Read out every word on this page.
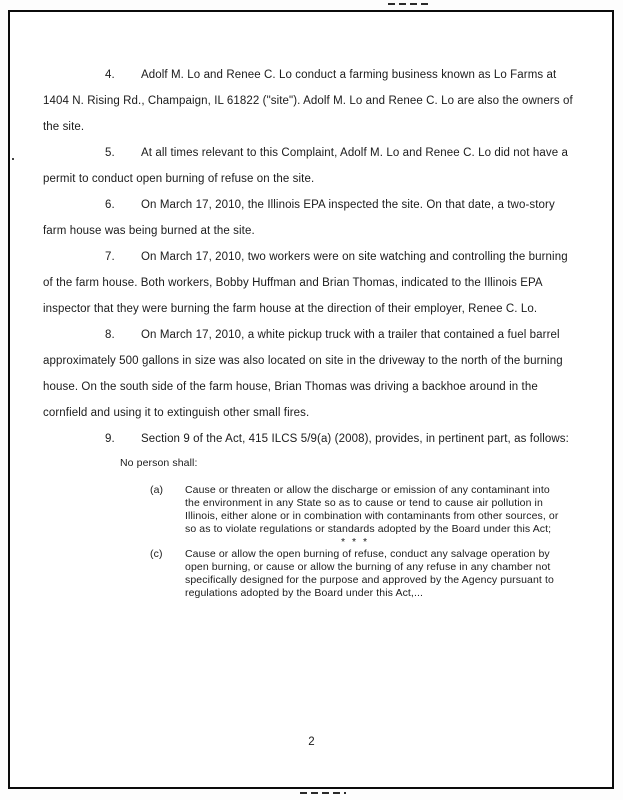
4. Adolf M. Lo and Renee C. Lo conduct a farming business known as Lo Farms at 1404 N. Rising Rd., Champaign, IL 61822 ("site"). Adolf M. Lo and Renee C. Lo are also the owners of the site.

5. At all times relevant to this Complaint, Adolf M. Lo and Renee C. Lo did not have a permit to conduct open burning of refuse on the site.

6. On March 17, 2010, the Illinois EPA inspected the site. On that date, a two-story farm house was being burned at the site.

7. On March 17, 2010, two workers were on site watching and controlling the burning of the farm house. Both workers, Bobby Huffman and Brian Thomas, indicated to the Illinois EPA inspector that they were burning the farm house at the direction of their employer, Renee C. Lo.

8. On March 17, 2010, a white pickup truck with a trailer that contained a fuel barrel approximately 500 gallons in size was also located on site in the driveway to the north of the burning house. On the south side of the farm house, Brian Thomas was driving a backhoe around in the cornfield and using it to extinguish other small fires.

9. Section 9 of the Act, 415 ILCS 5/9(a) (2008), provides, in pertinent part, as follows:

No person shall:
(a)	Cause or threaten or allow the discharge or emission of any contaminant into the environment in any State so as to cause or tend to cause air pollution in Illinois, either alone or in combination with contaminants from other sources, or so as to violate regulations or standards adopted by the Board under this Act;
* * *
(c)	Cause or allow the open burning of refuse, conduct any salvage operation by open burning, or cause or allow the burning of any refuse in any chamber not specifically designed for the purpose and approved by the Agency pursuant to regulations adopted by the Board under this Act,...
2
